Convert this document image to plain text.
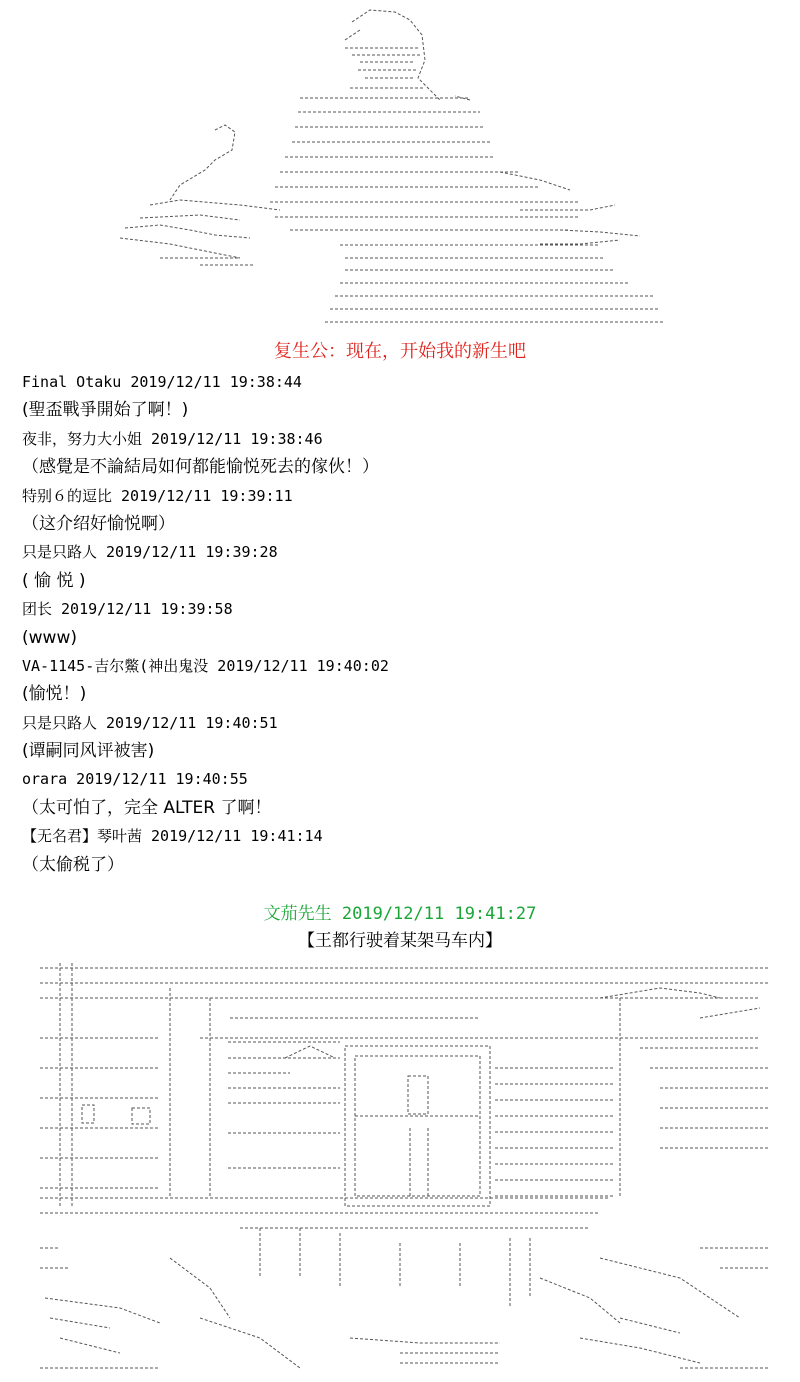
复生公：现在，开始我的新生吧
Final Otaku 2019/12/11 19:38:44
(聖盃戰爭開始了啊！)
夜非，努力大小姐 2019/12/11 19:38:46
（感覺是不論結局如何都能愉悦死去的傢伙！）
特别６的逗比 2019/12/11 19:39:11
（这介绍好愉悦啊）
只是只路人 2019/12/11 19:39:28
( 愉 悦 )
团长 2019/12/11 19:39:58
(www)
VA-1145-吉尔鱉(神出鬼没 2019/12/11 19:40:02
(愉悦！)
只是只路人 2019/12/11 19:40:51
(谭嗣同风评被害)
orara 2019/12/11 19:40:55
（太可怕了，完全 ALTER 了啊！
【无名君】琴叶茜 2019/12/11 19:41:14
（太偷税了）
文茄先生 2019/12/11 19:41:27
【王都行驶着某架马车内】
